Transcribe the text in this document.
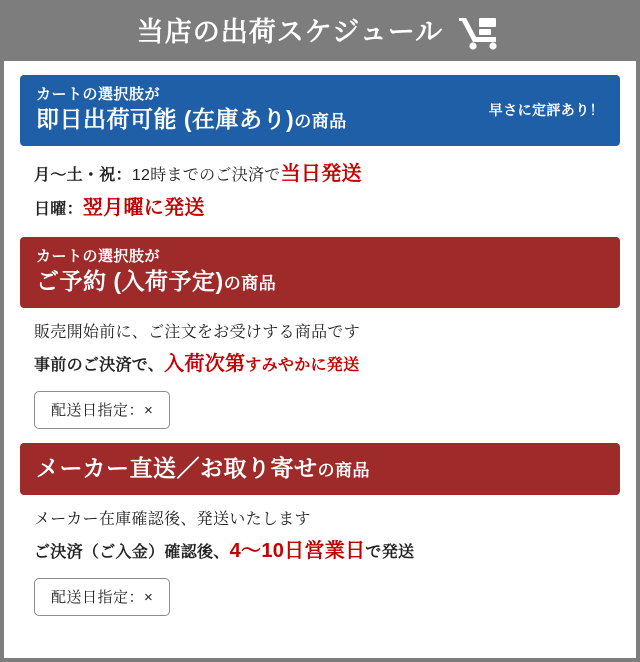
当店の出荷スケジュール
カートの選択肢が
即日出荷可能 (在庫あり)の商品
早さに定評あり！
月～土・祝：12時までのご決済で当日発送
日曜：翌月曜に発送
カートの選択肢が
ご予約 (入荷予定)の商品
販売開始前に、ご注文をお受けする商品です
事前のご決済で、入荷次第すみやかに発送
配送日指定：×
メーカー直送／お取り寄せの商品
メーカー在庫確認後、発送いたします
ご決済（ご入金）確認後、4～10日営業日で発送
配送日指定：×
